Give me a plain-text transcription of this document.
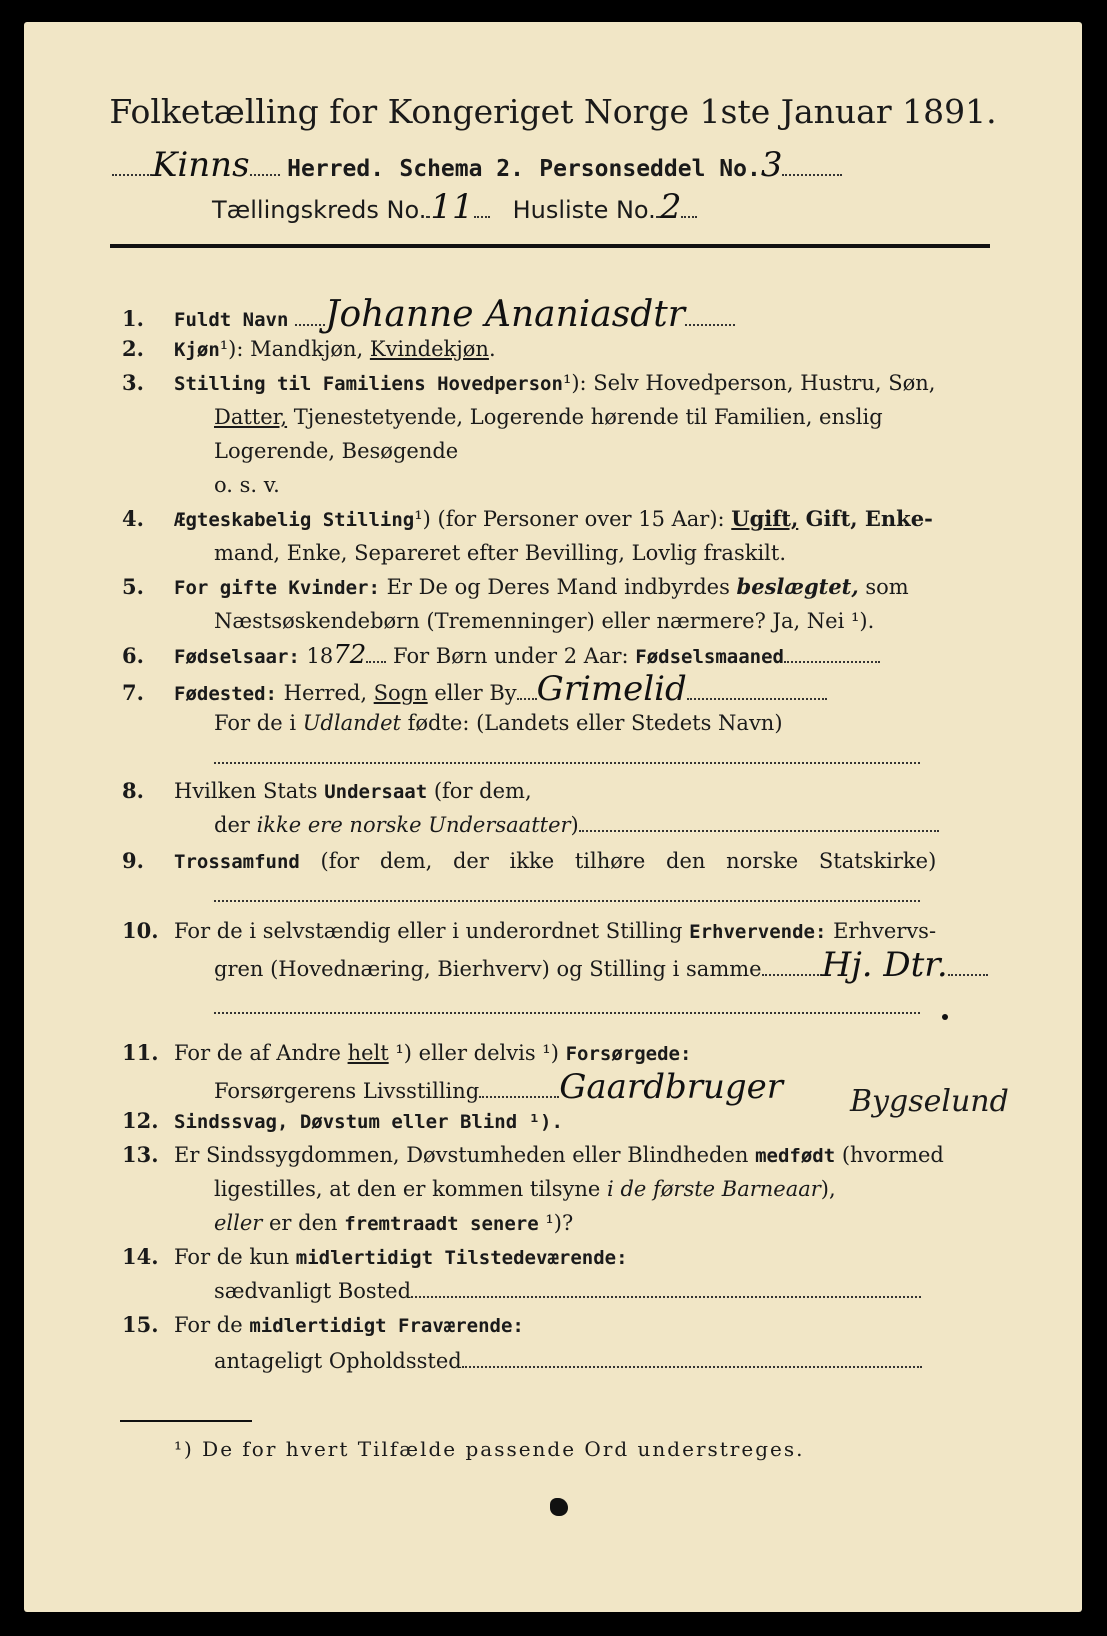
Folketælling for Kongeriget Norge 1ste Januar 1891.
Kinns Herred. Schema 2. Personseddel No.3
Tællingskreds No. 11 Husliste No. 2
1. Fuldt Navn Johanne Ananiasdtr
2. Kjøn¹): Mandkjøn, Kvindekjøn.
3. Stilling til Familiens Hovedperson¹): Selv Hovedperson, Hustru, Søn,
Datter, Tjenestetyende, Logerende hørende til Familien, enslig
Logerende, Besøgende
o. s. v.
4. Ægteskabelig Stilling¹) (for Personer over 15 Aar): Ugift, Gift, Enke-
mand, Enke, Separeret efter Bevilling, Lovlig fraskilt.
5. For gifte Kvinder: Er De og Deres Mand indbyrdes beslægtet, som
Næstsøskendebørn (Tremenninger) eller nærmere? Ja, Nei ¹).
6. Fødselsaar: 1872 For Børn under 2 Aar: Fødselsmaaned
7. Fødested: Herred, Sogn eller By Grimelid
For de i Udlandet fødte: (Landets eller Stedets Navn)
8. Hvilken Stats Undersaat (for dem,
der ikke ere norske Undersaatter)
9. Trossamfund (for dem, der ikke tilhøre den norske Statskirke)
10. For de i selvstændig eller i underordnet Stilling Erhvervende: Erhvervs-
gren (Hovednæring, Bierhverv) og Stilling i samme Hj. Dtr.
11. For de af Andre helt ¹) eller delvis ¹) Forsørgede:
Forsørgerens Livsstilling Gaardbruger
12. Sindssvag, Døvstum eller Blind ¹).
13. Er Sindssygdommen, Døvstumheden eller Blindheden medfødt (hvormed
ligestilles, at den er kommen tilsyne i de første Barneaar),
eller er den fremtraadt senere ¹)?
14. For de kun midlertidigt Tilstedeværende:
sædvanligt Bosted
15. For de midlertidigt Fraværende:
antageligt Opholdssted
Bygselund
¹) De for hvert Tilfælde passende Ord understreges.
